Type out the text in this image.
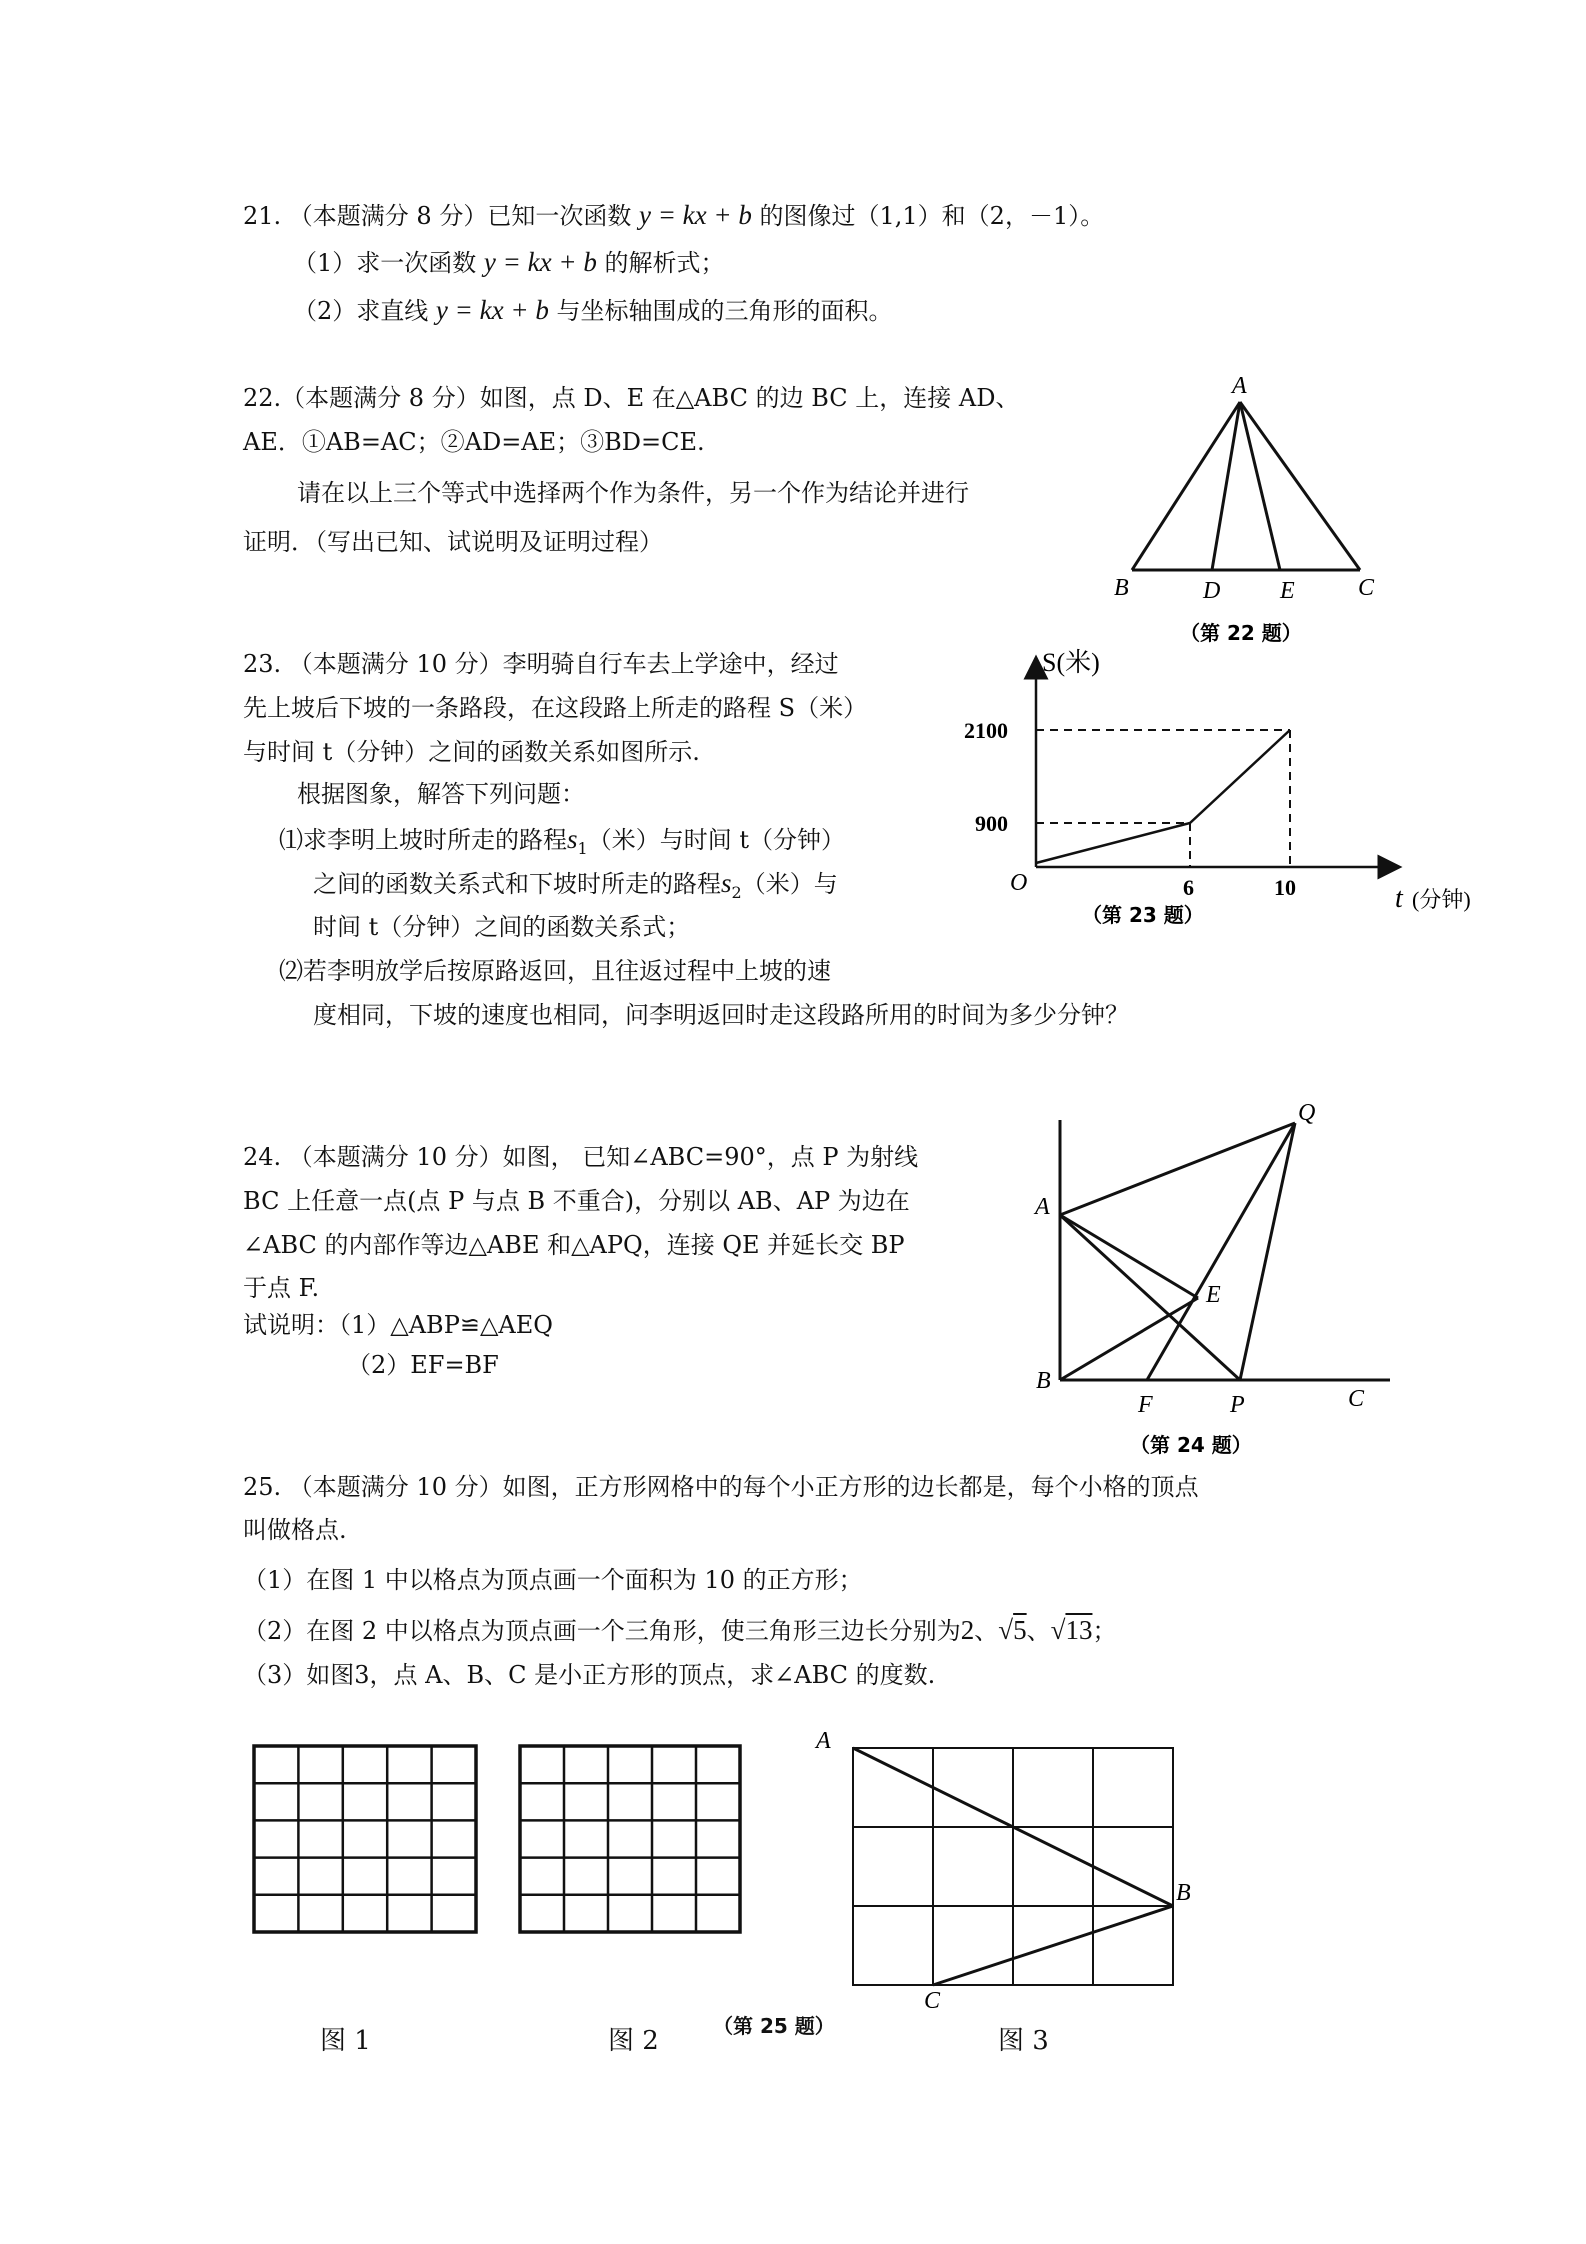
21. （本题满分 8 分）已知一次函数 y = kx + b 的图像过（1,1）和（2，－1）。
（1）求一次函数 y = kx + b 的解析式；
（2）求直线 y = kx + b 与坐标轴围成的三角形的面积。
22.（本题满分 8 分）如图，点 D、E 在△ABC 的边 BC 上，连接 AD、
AE．①AB=AC；②AD=AE；③BD=CE.
请在以上三个等式中选择两个作为条件，另一个作为结论并进行
证明．（写出已知、试说明及证明过程）
A
B	D E	C
（第 22 题）
23. （本题满分 10 分）李明骑自行车去上学途中，经过
先上坡后下坡的一条路段，在这段路上所走的路程 S（米）
与时间 t（分钟）之间的函数关系如图所示.
根据图象，解答下列问题：
⑴求李明上坡时所走的路程$s_1$（米）与时间 t（分钟）
之间的函数关系式和下坡时所走的路程$s_2$（米）与
时间 t（分钟）之间的函数关系式；
⑵若李明放学后按原路返回，且往返过程中上坡的速
度相同，下坡的速度也相同，问李明返回时走这段路所用的时间为多少分钟？
S(米)
t (分钟)
O
900
2100
6	10
（第 23 题）
24. （本题满分 10 分）如图， 已知∠ABC=90°，点 P 为射线
BC 上任意一点(点 P 与点 B 不重合)，分别以 AB、AP 为边在
∠ABC 的内部作等边△ABE 和△APQ，连接 QE 并延长交 BP
于点 F.
试说明：（1）△ABP≌△AEQ
（2）EF=BF
Q
A
E
B
F	P	C
（第 24 题）
25. （本题满分 10 分）如图，正方形网格中的每个小正方形的边长都是，每个小格的顶点
叫做格点.
（1）在图 1 中以格点为顶点画一个面积为 10 的正方形；
（2）在图 2 中以格点为顶点画一个三角形，使三角形三边长分别为2、√5、√13；
（3）如图3，点 A、B、C 是小正方形的顶点，求∠ABC 的度数.
A
B
C
图 1	图 2	（第 25 题）	图 3
